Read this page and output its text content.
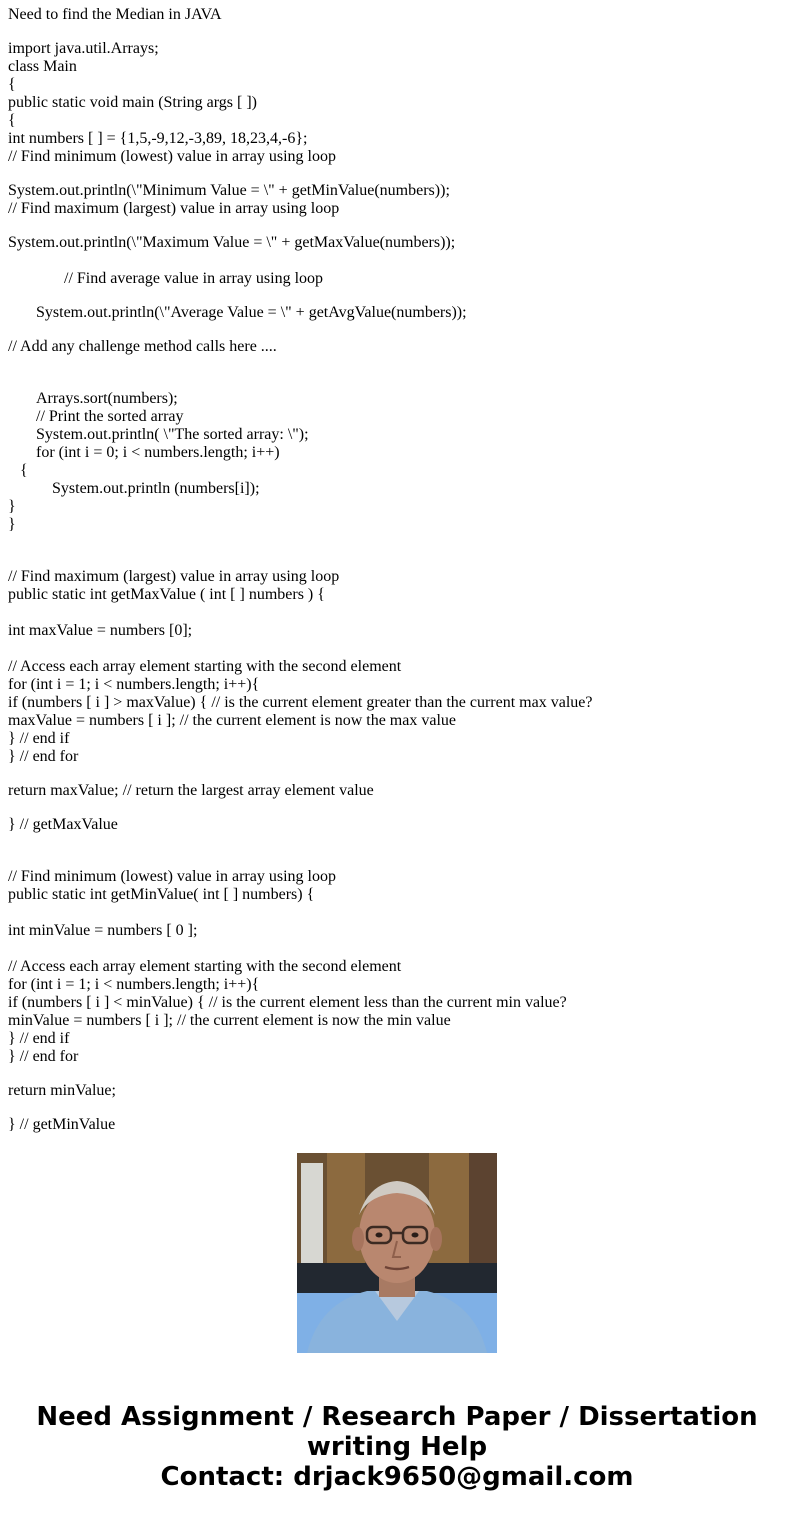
Need to find the Median in JAVA
import java.util.Arrays;
class Main
{
public static void main (String args [ ])
{
int numbers [ ] = {1,5,-9,12,-3,89, 18,23,4,-6};
// Find minimum (lowest) value in array using loop
System.out.println(\"Minimum Value = \" + getMinValue(numbers));
// Find maximum (largest) value in array using loop
System.out.println(\"Maximum Value = \" + getMaxValue(numbers));
// Find average value in array using loop
System.out.println(\"Average Value = \" + getAvgValue(numbers));
// Add any challenge method calls here ....
Arrays.sort(numbers);
// Print the sorted array
System.out.println( \"The sorted array: \");
for (int i = 0; i < numbers.length; i++)
{
System.out.println (numbers[i]);
}
}
// Find maximum (largest) value in array using loop
public static int getMaxValue ( int [ ] numbers ) {
int maxValue = numbers [0];
// Access each array element starting with the second element
for (int i = 1; i < numbers.length; i++){
if (numbers [ i ] > maxValue) { // is the current element greater than the current max value?
maxValue = numbers [ i ]; // the current element is now the max value
} // end if
} // end for
return maxValue; // return the largest array element value
} // getMaxValue
// Find minimum (lowest) value in array using loop
public static int getMinValue( int [ ] numbers) {
int minValue = numbers [ 0 ];
// Access each array element starting with the second element
for (int i = 1; i < numbers.length; i++){
if (numbers [ i ] < minValue) { // is the current element less than the current min value?
minValue = numbers [ i ]; // the current element is now the min value
} // end if
} // end for
return minValue;
} // getMinValue
Need Assignment / Research Paper / Dissertation
writing Help
Contact: drjack9650@gmail.com
